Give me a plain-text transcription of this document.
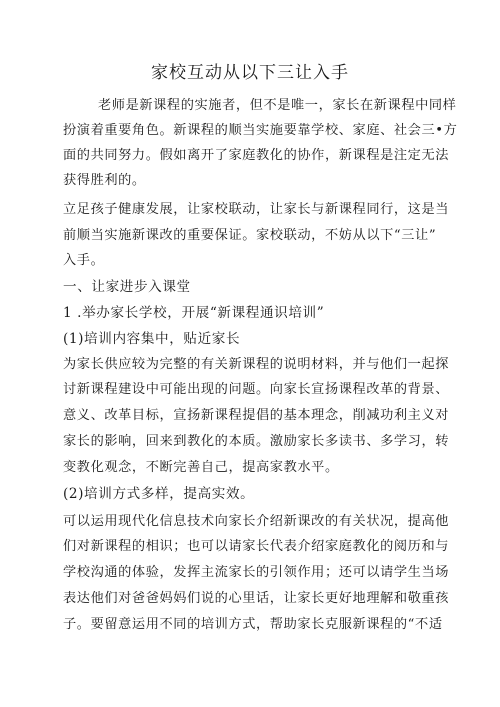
家校互动从以下三让入手
老师是新课程的实施者，但不是唯一，家长在新课程中同样
扮演着重要角色。新课程的顺当实施要靠学校、家庭、社会三•方
面的共同努力。假如离开了家庭教化的协作，新课程是注定无法
获得胜利的。
立足孩子健康发展，让家校联动，让家长与新课程同行，这是当
前顺当实施新课改的重要保证。家校联动，不妨从以下“三让”
入手。
一、让家进步入课堂
1 .举办家长学校，开展“新课程通识培训”
(1)培训内容集中，贴近家长
为家长供应较为完整的有关新课程的说明材料，并与他们一起探
讨新课程建设中可能出现的问题。向家长宣扬课程改革的背景、
意义、改革目标，宣扬新课程提倡的基本理念，削减功利主义对
家长的影响，回来到教化的本质。激励家长多读书、多学习，转
变教化观念，不断完善自己，提高家教水平。
(2)培训方式多样，提高实效。
可以运用现代化信息技术向家长介绍新课改的有关状况，提高他
们对新课程的相识；也可以请家长代表介绍家庭教化的阅历和与
学校沟通的体验，发挥主流家长的引领作用；还可以请学生当场
表达他们对爸爸妈妈们说的心里话，让家长更好地理解和敬重孩
子。要留意运用不同的培训方式，帮助家长克服新课程的“不适
